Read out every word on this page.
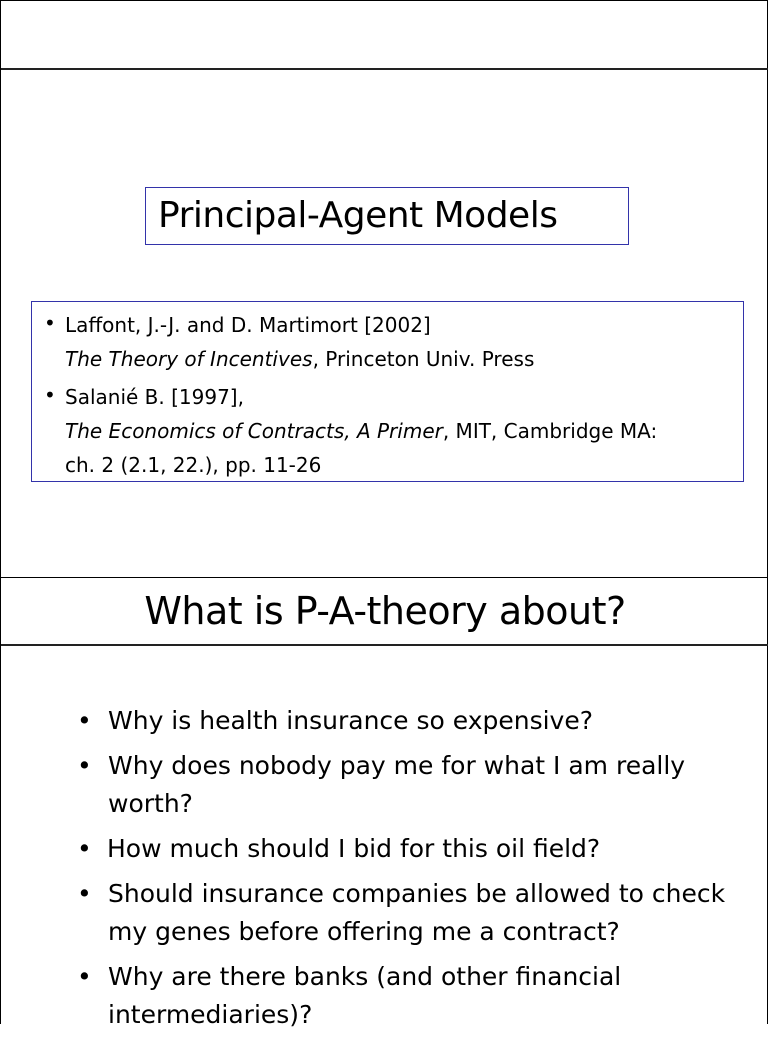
Principal-Agent Models
• Laffont, J.-J. and D. Martimort [2002]
The Theory of Incentives, Princeton Univ. Press
• Salanié B. [1997],
The Economics of Contracts, A Primer, MIT, Cambridge MA:
ch. 2 (2.1, 22.), pp. 11-26
What is P-A-theory about?
• Why is health insurance so expensive?
• Why does nobody pay me for what I am really
worth?
• How much should I bid for this oil field?
• Should insurance companies be allowed to check
my genes before offering me a contract?
• Why are there banks (and other financial
intermediaries)?
